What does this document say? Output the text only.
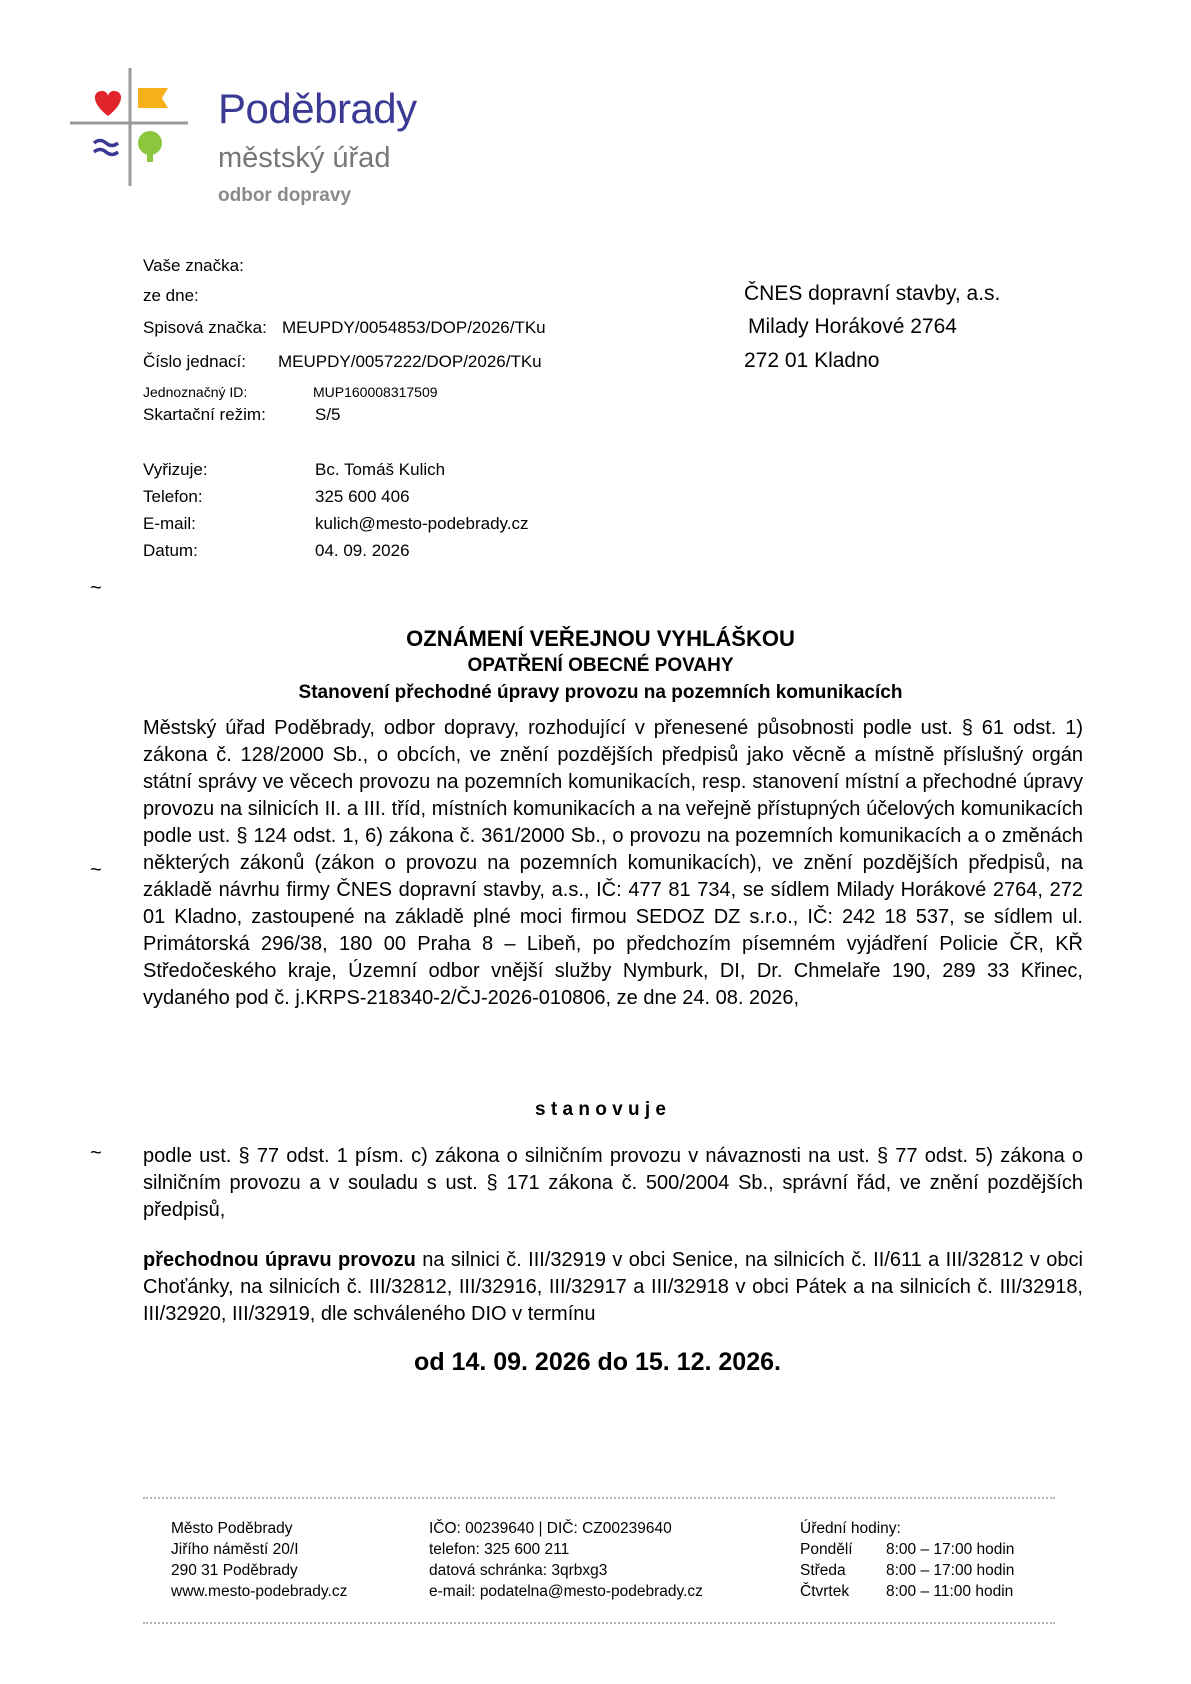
Poděbrady
městský úřad
odbor dopravy
Vaše značka:
ze dne:
Spisová značka: MEUPDY/0054853/DOP/2026/TKu
Číslo jednací: MEUPDY/0057222/DOP/2026/TKu
Jednoznačný ID:	MUP160008317509
Skartační režim:	S/5
Vyřizuje:	Bc. Tomáš Kulich
Telefon:	325 600 406
E-mail:	kulich@mesto-podebrady.cz
Datum:	04. 09. 2026
ČNES dopravní stavby, a.s.
Milady Horákové 2764
272 01 Kladno
~
~
~
OZNÁMENÍ VEŘEJNOU VYHLÁŠKOU
OPATŘENÍ OBECNÉ POVAHY
Stanovení přechodné úpravy provozu na pozemních komunikacích
Městský úřad Poděbrady, odbor dopravy, rozhodující v přenesené působnosti podle ust. § 61 odst. 1) zákona č. 128/2000 Sb., o obcích, ve znění pozdějších předpisů jako věcně a místně příslušný orgán státní správy ve věcech provozu na pozemních komunikacích, resp. stanovení místní a přechodné úpravy provozu na silnicích II. a III. tříd, místních komunikacích a na veřejně přístupných účelových komunikacích podle ust. § 124 odst. 1, 6) zákona č. 361/2000 Sb., o provozu na pozemních komunikacích a o změnách některých zákonů (zákon o provozu na pozemních komunikacích), ve znění pozdějších předpisů, na základě návrhu firmy ČNES dopravní stavby, a.s., IČ: 477 81 734, se sídlem Milady Horákové 2764, 272 01 Kladno, zastoupené na základě plné moci firmou SEDOZ DZ s.r.o., IČ: 242 18 537, se sídlem ul. Primátorská 296/38, 180 00 Praha 8 – Libeň, po předchozím písemném vyjádření Policie ČR, KŘ Středočeského kraje, Územní odbor vnější služby Nymburk, DI, Dr. Chmelaře 190, 289 33 Křinec, vydaného pod č. j.KRPS-218340-2/ČJ-2026-010806, ze dne 24. 08. 2026,
s t a n o v u j e
podle ust. § 77 odst. 1 písm. c) zákona o silničním provozu v návaznosti na ust. § 77 odst. 5) zákona o silničním provozu a v souladu s ust. § 171 zákona č. 500/2004 Sb., správní řád, ve znění pozdějších předpisů,
přechodnou úpravu provozu na silnici č. III/32919 v obci Senice, na silnicích č. II/611 a III/32812 v obci Choťánky, na silnicích č. III/32812, III/32916, III/32917 a III/32918 v obci Pátek a na silnicích č. III/32918, III/32920, III/32919, dle schváleného DIO v termínu
od 14. 09. 2026 do 15. 12. 2026.
Město Poděbrady
Jiřího náměstí 20/I
290 31 Poděbrady
www.mesto-podebrady.cz
IČO: 00239640 | DIČ: CZ00239640
telefon: 325 600 211
datová schránka: 3qrbxg3
e-mail: podatelna@mesto-podebrady.cz
Úřední hodiny:
Pondělí 8:00 – 17:00 hodin
Středa	8:00 – 17:00 hodin
Čtvrtek 8:00 – 11:00 hodin
